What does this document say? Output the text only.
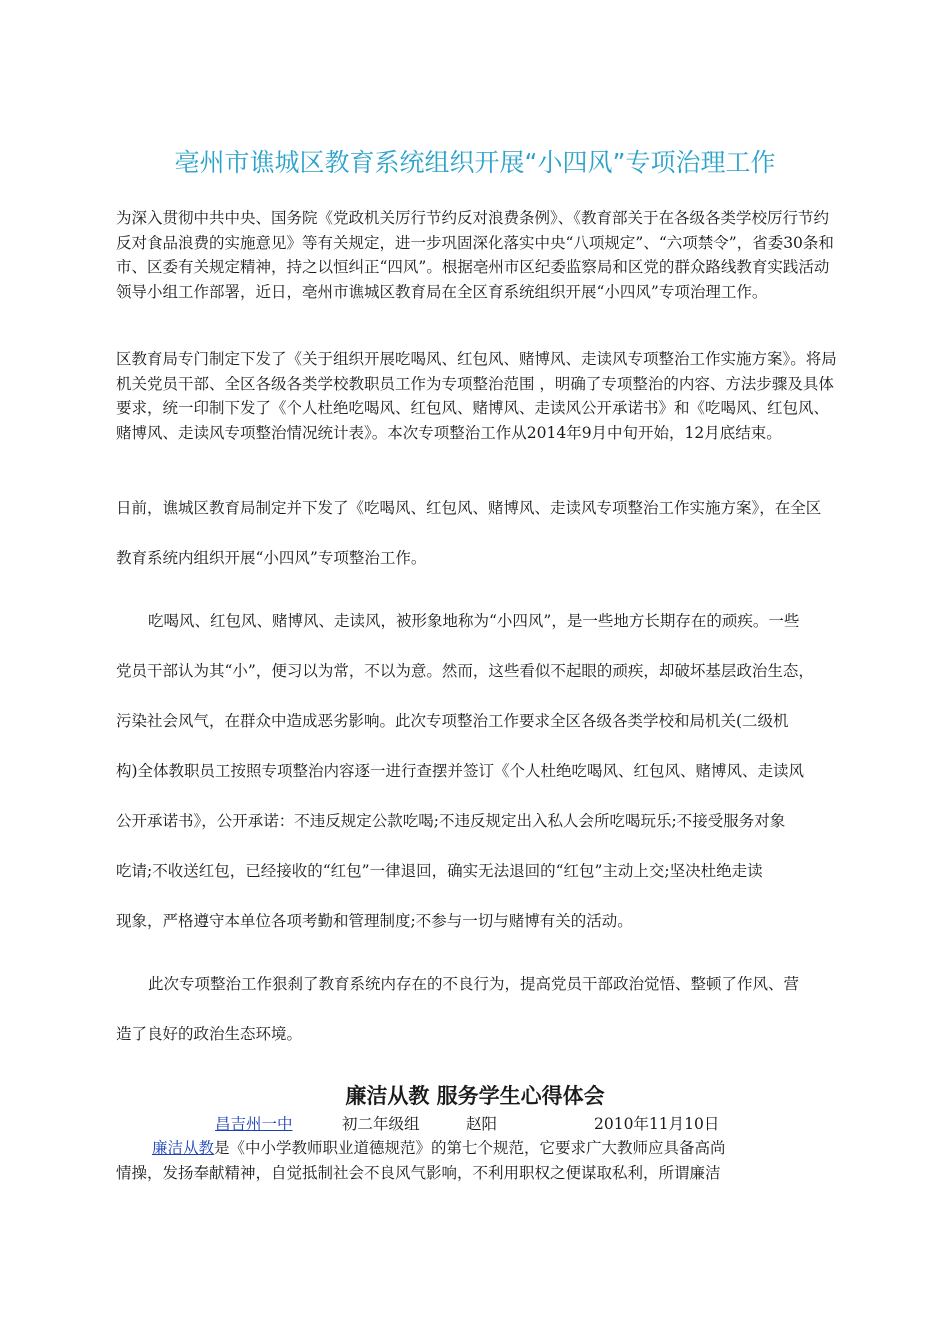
亳州市谯城区教育系统组织开展“小四风”专项治理工作

为深入贯彻中共中央、国务院《党政机关厉行节约反对浪费条例》、《教育部关于在各级各类学校厉行节约反对食品浪费的实施意见》等有关规定，进一步巩固深化落实中央“八项规定”、“六项禁令”，省委30条和市、区委有关规定精神，持之以恒纠正“四风”。根据亳州市区纪委监察局和区党的群众路线教育实践活动领导小组工作部署，近日，亳州市谯城区教育局在全区育系统组织开展“小四风”专项治理工作。

区教育局专门制定下发了《关于组织开展吃喝风、红包风、赌博风、走读风专项整治工作实施方案》。将局机关党员干部、全区各级各类学校教职员工作为专项整治范围 ，明确了专项整治的内容、方法步骤及具体要求，统一印制下发了《个人杜绝吃喝风、红包风、赌博风、走读风公开承诺书》和《吃喝风、红包风、赌博风、走读风专项整治情况统计表》。本次专项整治工作从2014年9月中旬开始，12月底结束。

日前，谯城区教育局制定并下发了《吃喝风、红包风、赌博风、走读风专项整治工作实施方案》，在全区

教育系统内组织开展“小四风”专项整治工作。

吃喝风、红包风、赌博风、走读风，被形象地称为“小四风”，是一些地方长期存在的顽疾。一些

党员干部认为其“小”，便习以为常，不以为意。然而，这些看似不起眼的顽疾，却破坏基层政治生态，

污染社会风气，在群众中造成恶劣影响。此次专项整治工作要求全区各级各类学校和局机关(二级机

构)全体教职员工按照专项整治内容逐一进行查摆并签订《个人杜绝吃喝风、红包风、赌博风、走读风

公开承诺书》，公开承诺：不违反规定公款吃喝;不违反规定出入私人会所吃喝玩乐;不接受服务对象

吃请;不收送红包，已经接收的“红包”一律退回，确实无法退回的“红包”主动上交;坚决杜绝走读

现象，严格遵守本单位各项考勤和管理制度;不参与一切与赌博有关的活动。

此次专项整治工作狠刹了教育系统内存在的不良行为，提高党员干部政治觉悟、整顿了作风、营

造了良好的政治生态环境。

廉洁从教 服务学生心得体会
昌吉州一中	初二年级组	赵阳	2010年11月10日

廉洁从教是《中小学教师职业道德规范》的第七个规范，它要求广大教师应具备高尚

情操，发扬奉献精神，自觉抵制社会不良风气影响，不利用职权之便谋取私利，所谓廉洁
